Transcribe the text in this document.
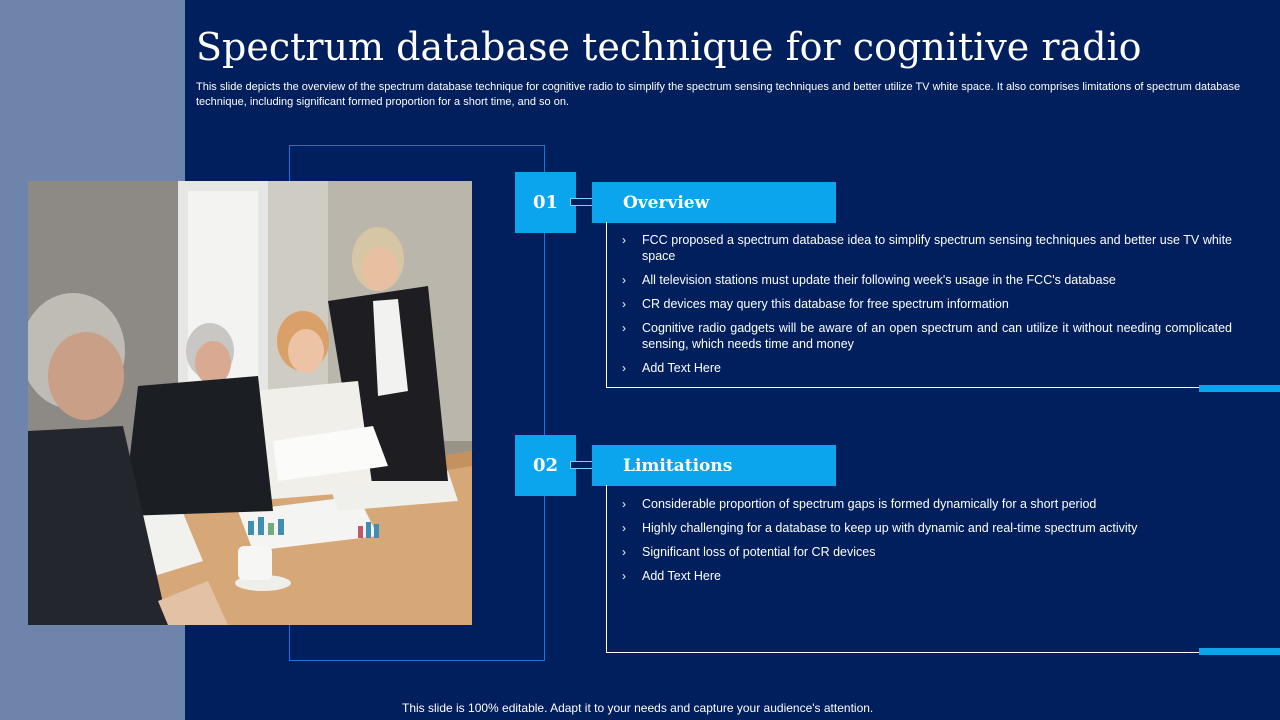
Spectrum database technique for cognitive radio

This slide depicts the overview of the spectrum database technique for cognitive radio to simplify the spectrum sensing techniques and better utilize TV white space. It also comprises limitations of spectrum database technique, including significant formed proportion for a short time, and so on.

01	Overview
› FCC proposed a spectrum database idea to simplify spectrum sensing techniques and better use TV white space
› All television stations must update their following week's usage in the FCC's database
› CR devices may query this database for free spectrum information
› Cognitive radio gadgets will be aware of an open spectrum and can utilize it without needing complicated sensing, which needs time and money
› Add Text Here
02	Limitations
› Considerable proportion of spectrum gaps is formed dynamically for a short period
› Highly challenging for a database to keep up with dynamic and real-time spectrum activity
› Significant loss of potential for CR devices
› Add Text Here
This slide is 100% editable. Adapt it to your needs and capture your audience's attention.
